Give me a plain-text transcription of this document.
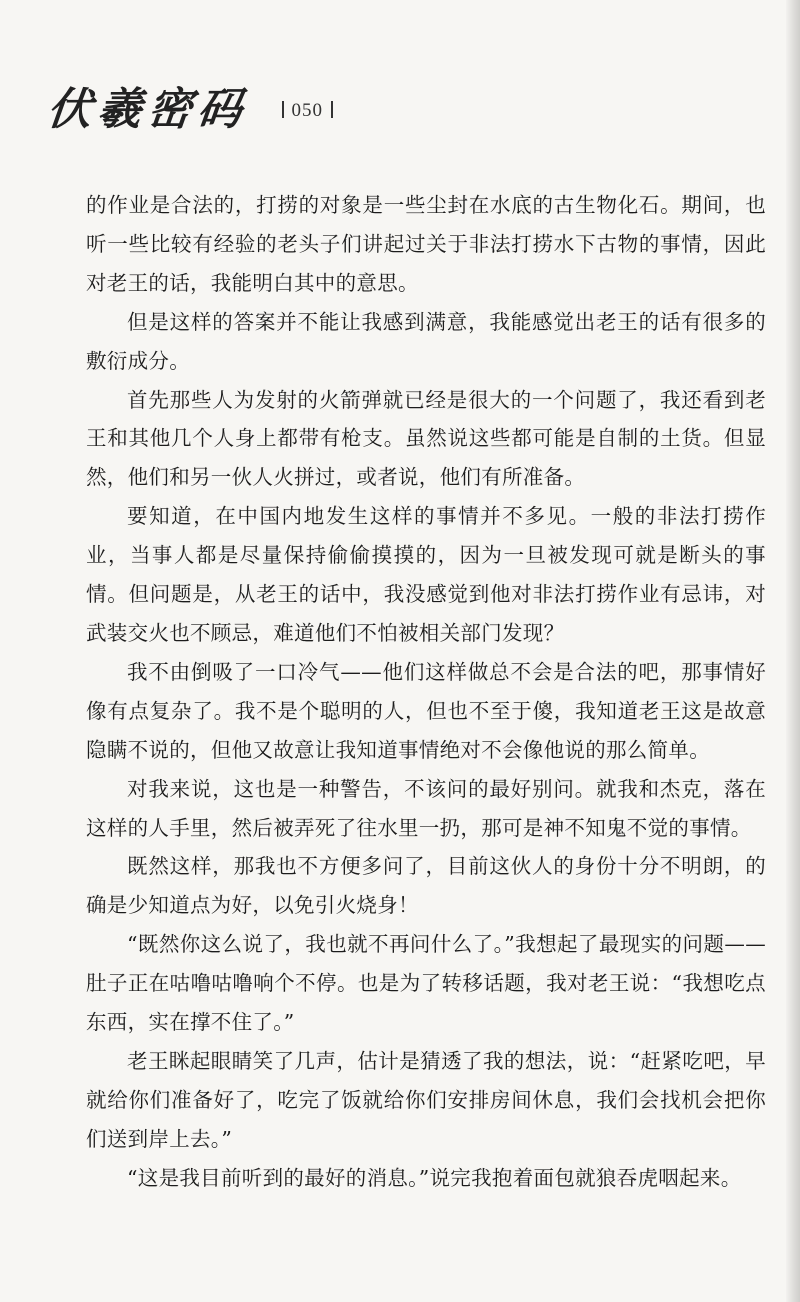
伏羲密码	050

的作业是合法的，打捞的对象是一些尘封在水底的古生物化石。期间，也听一些比较有经验的老头子们讲起过关于非法打捞水下古物的事情，因此对老王的话，我能明白其中的意思。

但是这样的答案并不能让我感到满意，我能感觉出老王的话有很多的敷衍成分。

首先那些人为发射的火箭弹就已经是很大的一个问题了，我还看到老王和其他几个人身上都带有枪支。虽然说这些都可能是自制的土货。但显然，他们和另一伙人火拼过，或者说，他们有所准备。

要知道，在中国内地发生这样的事情并不多见。一般的非法打捞作业，当事人都是尽量保持偷偷摸摸的，因为一旦被发现可就是断头的事情。但问题是，从老王的话中，我没感觉到他对非法打捞作业有忌讳，对武装交火也不顾忌，难道他们不怕被相关部门发现？

我不由倒吸了一口冷气——他们这样做总不会是合法的吧，那事情好像有点复杂了。我不是个聪明的人，但也不至于傻，我知道老王这是故意隐瞒不说的，但他又故意让我知道事情绝对不会像他说的那么简单。

对我来说，这也是一种警告，不该问的最好别问。就我和杰克，落在这样的人手里，然后被弄死了往水里一扔，那可是神不知鬼不觉的事情。

既然这样，那我也不方便多问了，目前这伙人的身份十分不明朗，的确是少知道点为好，以免引火烧身！

“既然你这么说了，我也就不再问什么了。”我想起了最现实的问题——肚子正在咕噜咕噜响个不停。也是为了转移话题，我对老王说：“我想吃点东西，实在撑不住了。”

老王眯起眼睛笑了几声，估计是猜透了我的想法，说：“赶紧吃吧，早就给你们准备好了，吃完了饭就给你们安排房间休息，我们会找机会把你们送到岸上去。”

“这是我目前听到的最好的消息。”说完我抱着面包就狼吞虎咽起来。
